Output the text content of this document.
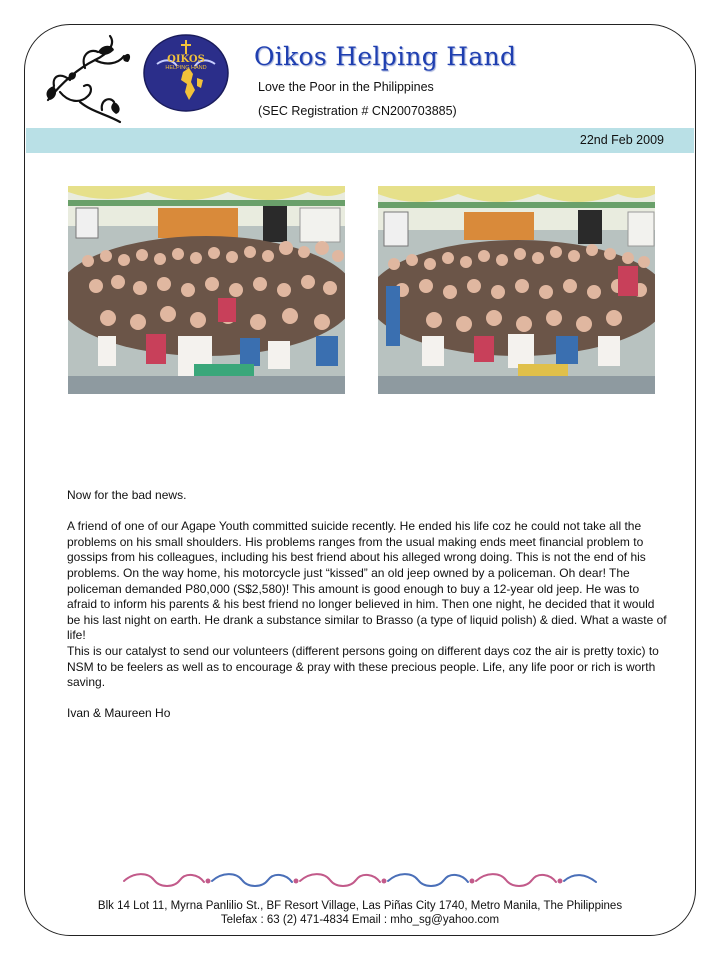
OIKOS
HELPING HAND	Oikos Helping Hand
Love the Poor in the Philippines
(SEC Registration # CN200703885)
22nd Feb 2009

Now for the bad news.

A friend of one of our Agape Youth committed suicide recently. He ended his life coz he could not take all the problems on his small shoulders. His problems ranges from the usual making ends meet financial problem to gossips from his colleagues, including his best friend about his alleged wrong doing. This is not the end of his problems. On the way home, his motorcycle just “kissed” an old jeep owned by a policeman. Oh dear! The policeman demanded P80,000 (S$2,580)! This amount is good enough to buy a 12-year old jeep. He was to afraid to inform his parents & his best friend no longer believed in him. Then one night, he decided that it would be his last night on earth. He drank a substance similar to Brasso (a type of liquid polish) & died. What a waste of life!

This is our catalyst to send our volunteers (different persons going on different days coz the air is pretty toxic) to NSM to be feelers as well as to encourage & pray with these precious people. Life, any life poor or rich is worth saving.

Ivan & Maureen Ho

Blk 14 Lot 11, Myrna Panlilio St., BF Resort Village, Las Piñas City 1740, Metro Manila, The Philippines
Telefax : 63 (2) 471-4834 Email : mho_sg@yahoo.com
